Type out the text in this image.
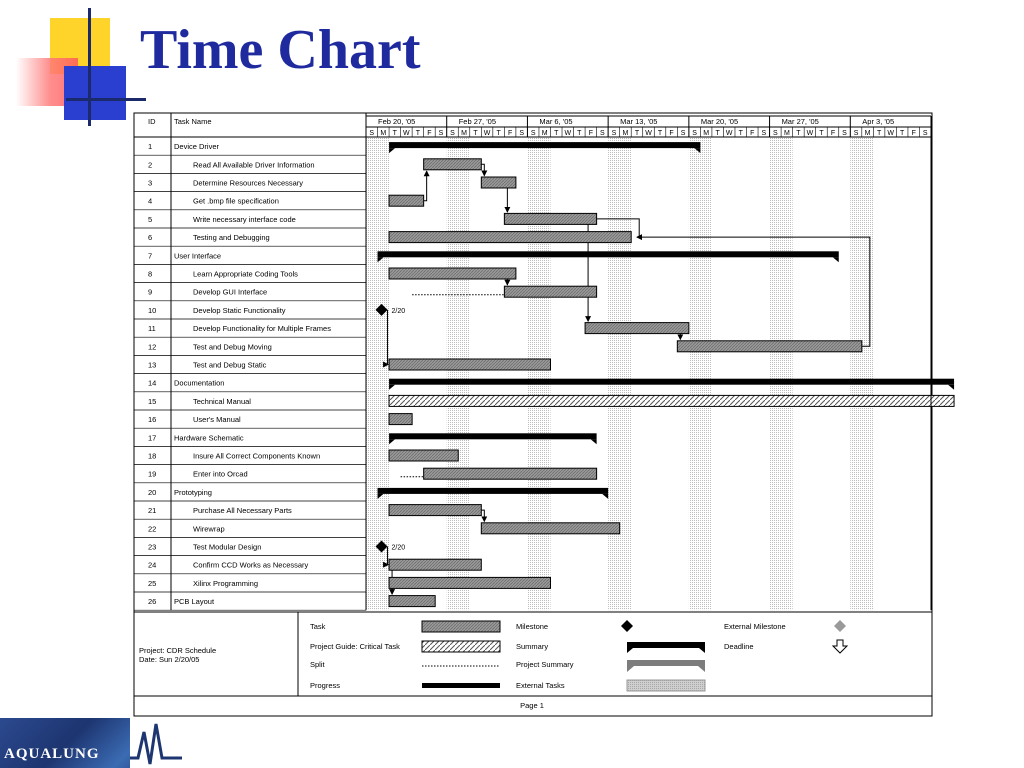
Time Chart
2/20
2/20
Feb 20, '05	Feb 27, '05	Mar 6, '05	Mar 13, '05	Mar 20, '05	Mar 27, '05	Apr 3, '05
S M T W T F S S M T W T F S S M T W T F S S M T W T F S S M T W T F S S M T W T F S S M T W T F S
ID Task Name
1	Device Driver
2	Read All Available Driver Information
3	Determine Resources Necessary
4	Get .bmp file specification
5	Write necessary interface code
6	Testing and Debugging
7	User Interface
8	Learn Appropriate Coding Tools
9	Develop GUI Interface
10	Develop Static Functionality
11	Develop Functionality for Multiple Frames
12	Test and Debug Moving
13	Test and Debug Static
14 Documentation
15	Technical Manual
16	User's Manual
17 Hardware Schematic
18	Insure All Correct Components Known
19	Enter into Orcad
20 Prototyping
21	Purchase All Necessary Parts
22	Wirewrap
23	Test Modular Design
24	Confirm CCD Works as Necessary
25	Xilinx Programming
26 PCB Layout
Project: CDR Schedule
Date: Sun 2/20/05
Page 1
Task
Project Guide: Critical Task
Split
Progress
Milestone
Summary
Project Summary
External Tasks
External Milestone
Deadline
AQUALUNG
